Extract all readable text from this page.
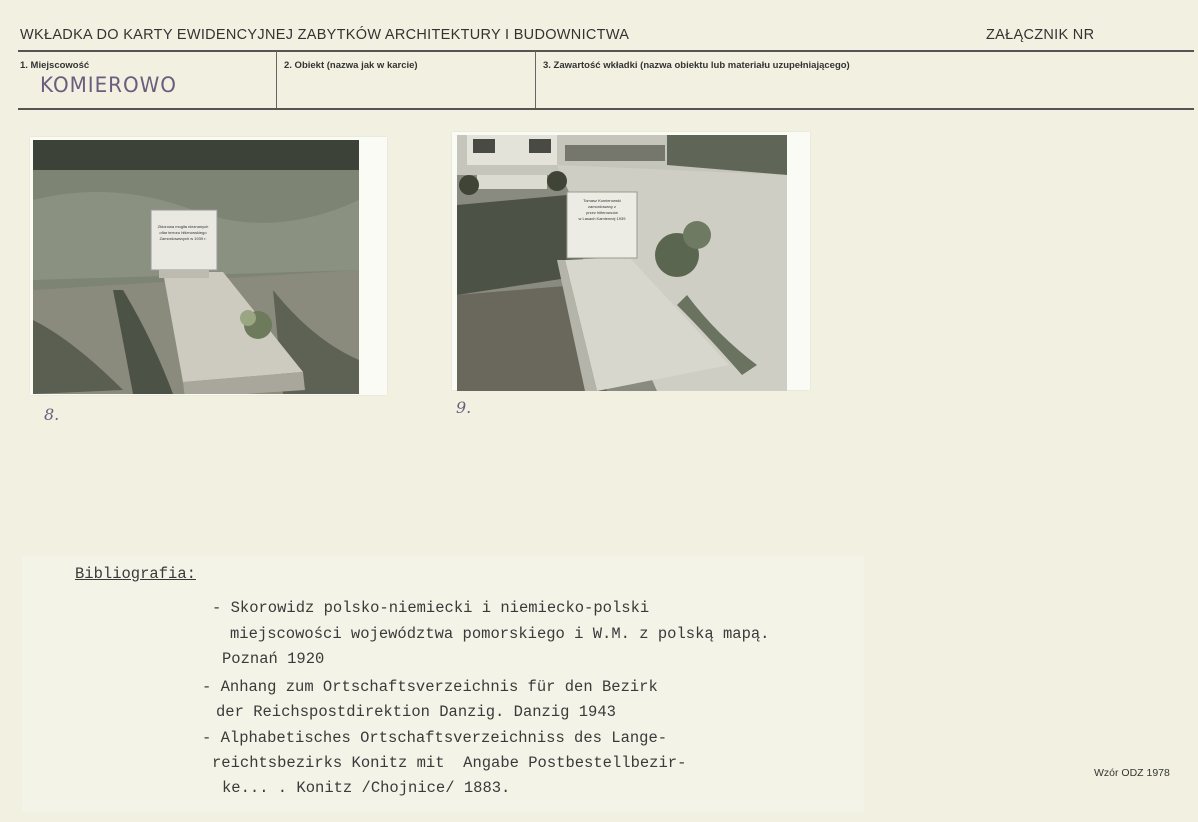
WKŁADKA DO KARTY EWIDENCYJNEJ ZABYTKÓW ARCHITEKTURY I BUDOWNICTWA	ZAŁĄCZNIK NR
1. Miejscowość
KOMIEROWO
2. Obiekt (nazwa jak w karcie)	3. Zawartość wkładki (nazwa obiektu lub materiału uzupełniającego)
Zbiorowa mogiła nieznanych
ofiar terroru hitlerowskiego
Zamordowanych w 1939 r.
8.
Tomasz Komierowski
zamordowany z
przez hitlerowców
w Lasach Kamiennej 1939
9.
Bibliografia:
- Skorowidz polsko-niemiecki i niemiecko-polski
miejscowości województwa pomorskiego i W.M. z polską mapą.
Poznań 1920
- Anhang zum Ortschaftsverzeichnis für den Bezirk
der Reichspostdirektion Danzig. Danzig 1943
- Alphabetisches Ortschaftsverzeichniss des Lange-
reichtsbezirks Konitz mit  Angabe Postbestellbezir-
ke... . Konitz /Chojnice/ 1883.
Wzór ODZ 1978
